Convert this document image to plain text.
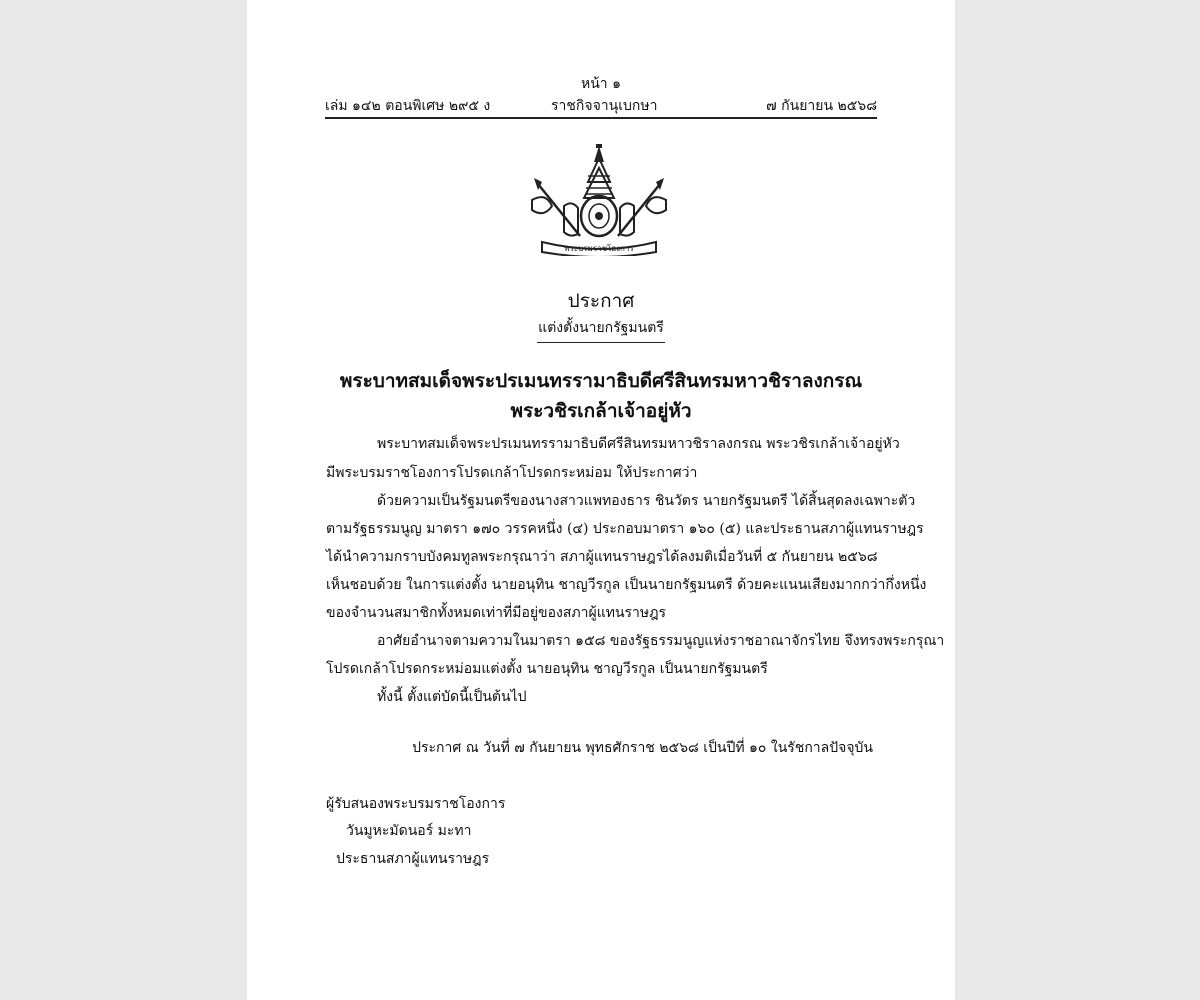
หน้า ๑
เล่ม ๑๔๒ ตอนพิเศษ ๒๙๕ ง	ราชกิจจานุเบกษา	๗ กันยายน ๒๕๖๘
พระบรมราชโองการ
ประกาศ
แต่งตั้งนายกรัฐมนตรี
พระบาทสมเด็จพระปรเมนทรรามาธิบดีศรีสินทรมหาวชิราลงกรณ
พระวชิรเกล้าเจ้าอยู่หัว
พระบาทสมเด็จพระปรเมนทรรามาธิบดีศรีสินทรมหาวชิราลงกรณ พระวชิรเกล้าเจ้าอยู่หัว
มีพระบรมราชโองการโปรดเกล้าโปรดกระหม่อม ให้ประกาศว่า
ด้วยความเป็นรัฐมนตรีของนางสาวแพทองธาร ชินวัตร นายกรัฐมนตรี ได้สิ้นสุดลงเฉพาะตัว
ตามรัฐธรรมนูญ มาตรา ๑๗๐ วรรคหนึ่ง (๔) ประกอบมาตรา ๑๖๐ (๕) และประธานสภาผู้แทนราษฎร
ได้นำความกราบบังคมทูลพระกรุณาว่า สภาผู้แทนราษฎรได้ลงมติเมื่อวันที่ ๕ กันยายน ๒๕๖๘
เห็นชอบด้วย ในการแต่งตั้ง นายอนุทิน ชาญวีรกูล เป็นนายกรัฐมนตรี ด้วยคะแนนเสียงมากกว่ากึ่งหนึ่ง
ของจำนวนสมาชิกทั้งหมดเท่าที่มีอยู่ของสภาผู้แทนราษฎร
อาศัยอำนาจตามความในมาตรา ๑๕๘ ของรัฐธรรมนูญแห่งราชอาณาจักรไทย จึงทรงพระกรุณา
โปรดเกล้าโปรดกระหม่อมแต่งตั้ง นายอนุทิน ชาญวีรกูล เป็นนายกรัฐมนตรี
ทั้งนี้ ตั้งแต่บัดนี้เป็นต้นไป
ประกาศ ณ วันที่ ๗ กันยายน พุทธศักราช ๒๕๖๘ เป็นปีที่ ๑๐ ในรัชกาลปัจจุบัน
ผู้รับสนองพระบรมราชโองการ
วันมูหะมัดนอร์ มะทา
ประธานสภาผู้แทนราษฎร
